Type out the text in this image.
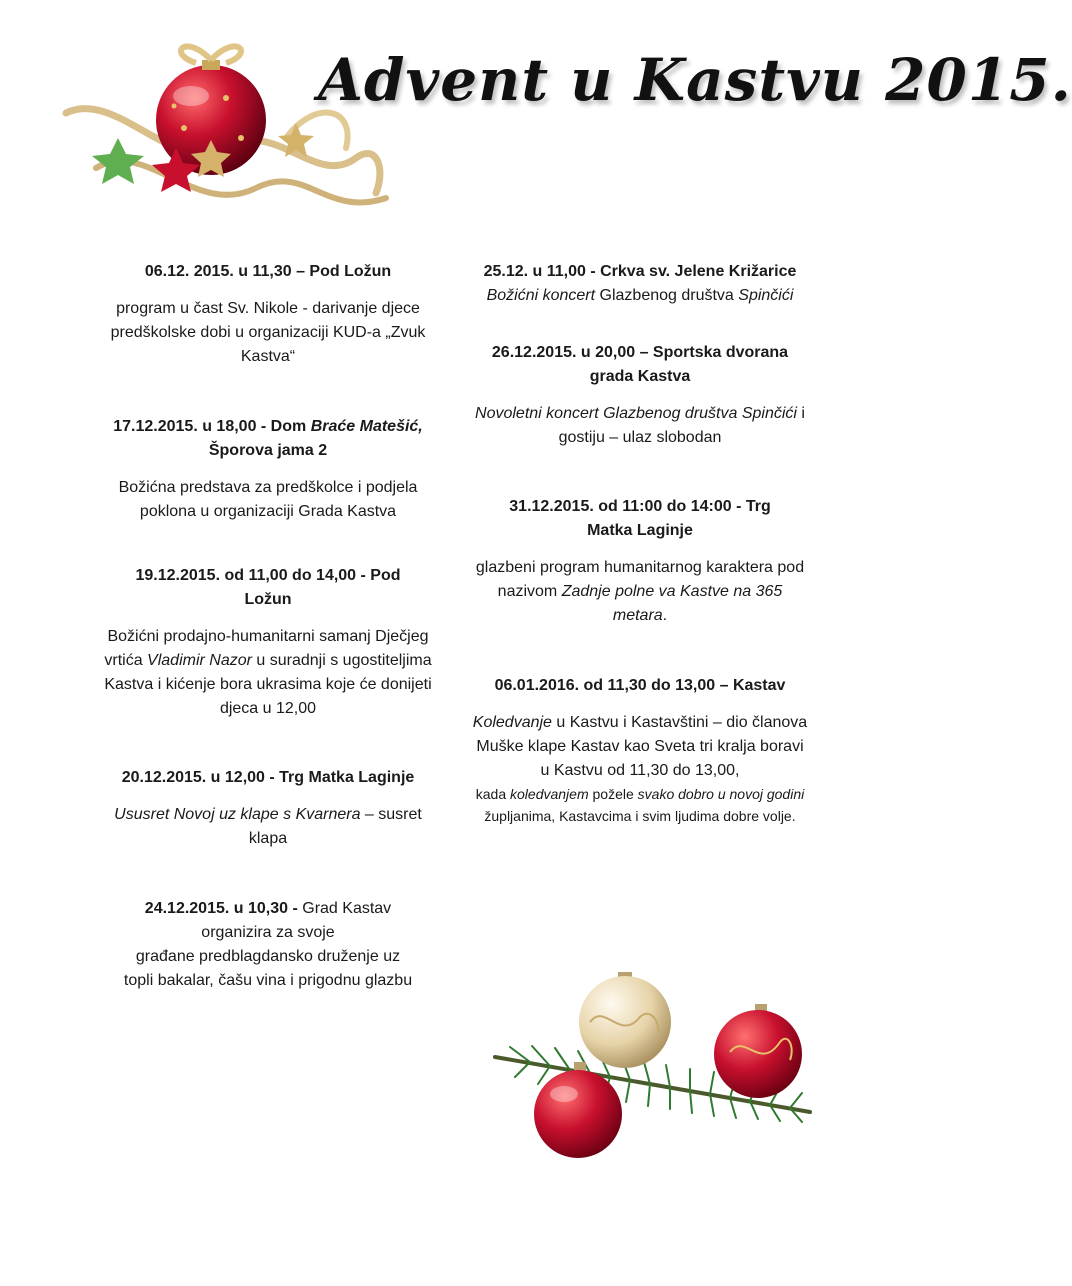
Advent u Kastvu 2015.

06.12. 2015. u 11,30 – Pod Ložun

program u čast Sv. Nikole - darivanje djece predškolske dobi u organizaciji KUD-a „Zvuk Kastva“

17.12.2015. u 18,00 - Dom Braće Matešić,
Šporova jama 2

Božićna predstava za predškolce i podjela poklona u organizaciji Grada Kastva

19.12.2015. od 11,00 do 14,00 - Pod
Ložun

Božićni prodajno-humanitarni samanj Dječjeg vrtića Vladimir Nazor u suradnji s ugostiteljima Kastva i kićenje bora ukrasima koje će donijeti djeca u 12,00

20.12.2015. u 12,00 - Trg Matka Laginje

Ususret Novoj uz klape s Kvarnera – susret klapa

24.12.2015. u 10,30 - Grad Kastav
organizira za svoje
građane predblagdansko druženje uz
topli bakalar, čašu vina i prigodnu glazbu

25.12. u 11,00 - Crkva sv. Jelene Križarice

Božićni koncert Glazbenog društva Spinčići

26.12.2015. u 20,00 – Sportska dvorana
grada Kastva

Novoletni koncert Glazbenog društva Spinčići i gostiju – ulaz slobodan

31.12.2015. od 11:00 do 14:00 - Trg
Matka Laginje

glazbeni program humanitarnog karaktera pod nazivom Zadnje polne va Kastve na 365 metara.

06.01.2016. od 11,30 do 13,00 – Kastav

Koledvanje u Kastvu i Kastavštini – dio članova Muške klape Kastav kao Sveta tri kralja boravi u Kastvu od 11,30 do 13,00,

kada koledvanjem požele svako dobro u novoj godini župljanima, Kastavcima i svim ljudima dobre volje.
